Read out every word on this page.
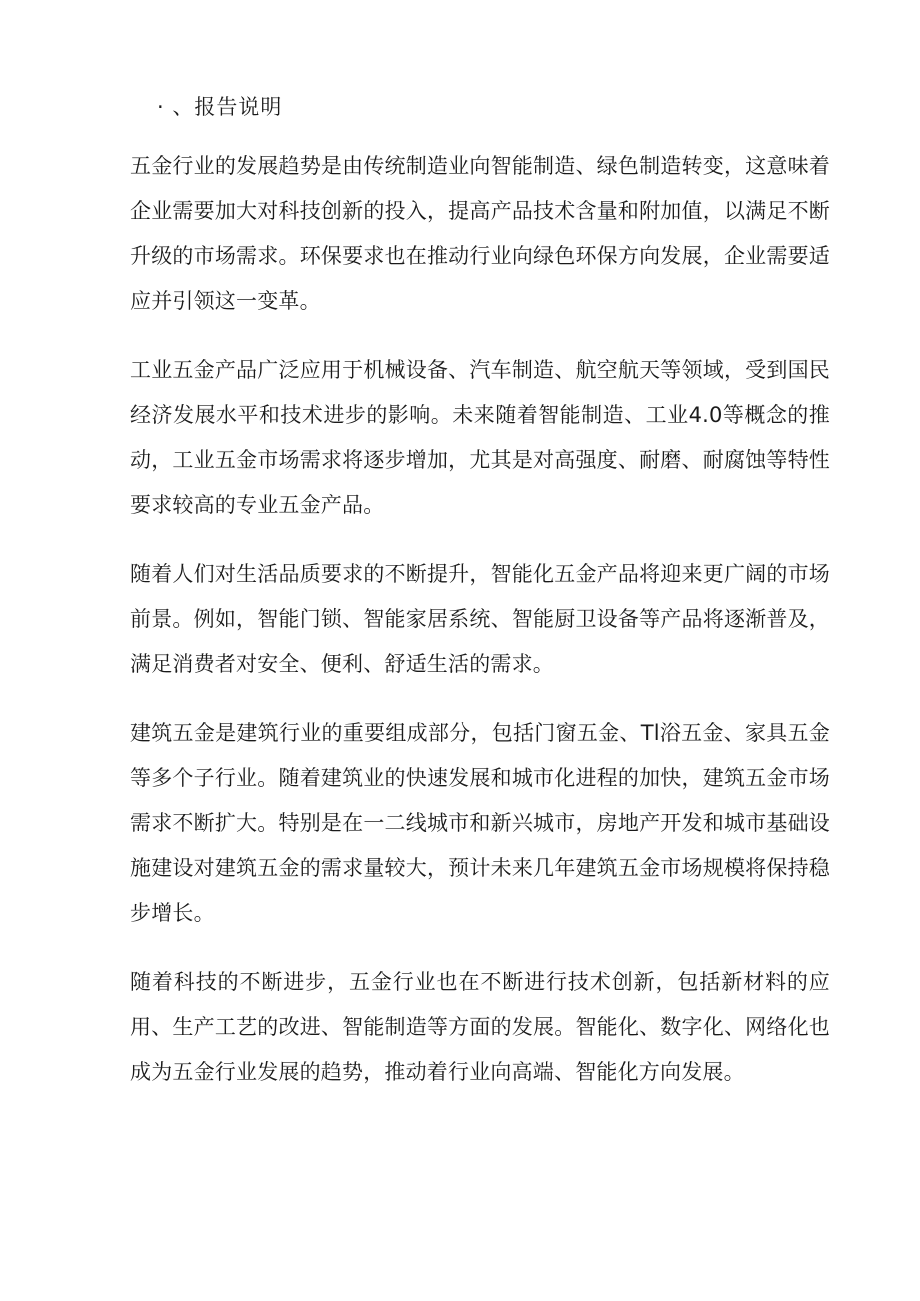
· 、报告说明

五金行业的发展趋势是由传统制造业向智能制造、绿色制造转变，这意味着企业需要加大对科技创新的投入，提高产品技术含量和附加值，以满足不断升级的市场需求。环保要求也在推动行业向绿色环保方向发展，企业需要适应并引领这一变革。

工业五金产品广泛应用于机械设备、汽车制造、航空航天等领域，受到国民经济发展水平和技术进步的影响。未来随着智能制造、工业4.0等概念的推动，工业五金市场需求将逐步增加，尤其是对高强度、耐磨、耐腐蚀等特性要求较高的专业五金产品。

随着人们对生活品质要求的不断提升，智能化五金产品将迎来更广阔的市场前景。例如，智能门锁、智能家居系统、智能厨卫设备等产品将逐渐普及，满足消费者对安全、便利、舒适生活的需求。

建筑五金是建筑行业的重要组成部分，包括门窗五金、Tl浴五金、家具五金等多个子行业。随着建筑业的快速发展和城市化进程的加快，建筑五金市场需求不断扩大。特别是在一二线城市和新兴城市，房地产开发和城市基础设施建设对建筑五金的需求量较大，预计未来几年建筑五金市场规模将保持稳步增长。

随着科技的不断进步，五金行业也在不断进行技术创新，包括新材料的应用、生产工艺的改进、智能制造等方面的发展。智能化、数字化、网络化也成为五金行业发展的趋势，推动着行业向高端、智能化方向发展。
